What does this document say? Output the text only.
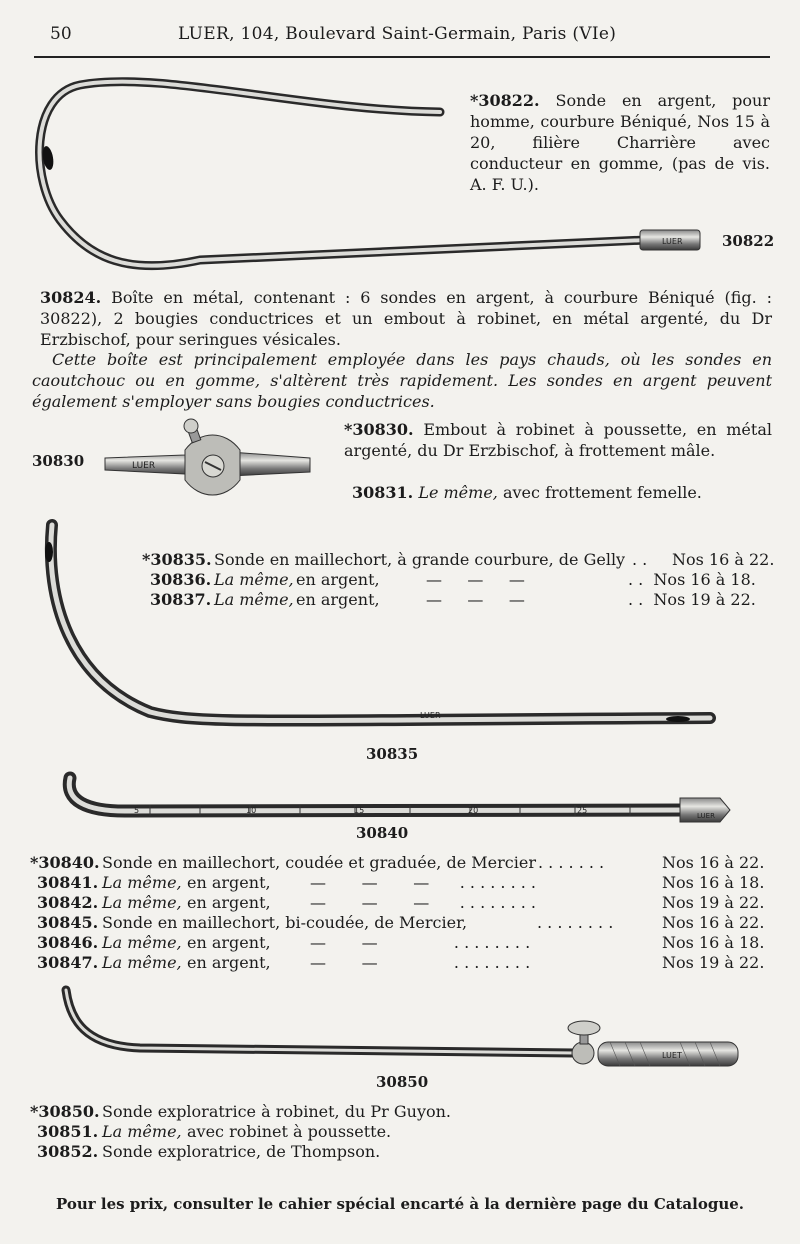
50	LUER, 104, Boulevard Saint-Germain, Paris (VIe)
LUER
LUER
LUER
LUER
5	10	15	20	25
LUET
*30822. Sonde en argent, pour homme, courbure Béniqué, Nos 15 à 20, filière Charrière avec conducteur en gomme, (pas de vis. A. F. U.).
30822
30824. Boîte en métal, contenant : 6 sondes en argent, à courbure Béniqué (fig. : 30822), 2 bougies conductrices et un embout à robinet, en métal argenté, du Dr Erzbischof, pour seringues vésicales.
Cette boîte est principalement employée dans les pays chauds, où les sondes en caoutchouc ou en gomme, s'altèrent très rapidement. Les sondes en argent peuvent également s'employer sans bougies conductrices.
30830
*30830. Embout à robinet à poussette, en métal argenté, du Dr Erzbischof, à frottement mâle.
30831. Le même, avec frottement femelle.
*30835. Sonde en maillechort, à grande courbure, de Gelly . . Nos 16 à 22.
30836. La même, en argent,	—     —     —	. .  Nos 16 à 18.
30837. La même, en argent,	—     —     —	. .  Nos 19 à 22.
30835
30840
*30840. Sonde en maillechort, coudée et graduée, de Mercier . . . . . . .	Nos 16 à 22.
30841. La même, en argent, —       —       —      . . . . . . . .	Nos 16 à 18.
30842. La même, en argent, —       —       —      . . . . . . . .	Nos 19 à 22.
30845. Sonde en maillechort, bi-coudée, de Mercier,	. . . . . . . .	Nos 16 à 22.
30846. La même, en argent, —       —               . . . . . . . .	Nos 16 à 18.
30847. La même, en argent, —       —               . . . . . . . .	Nos 19 à 22.
30850
*30850. Sonde exploratrice à robinet, du Pr Guyon.
30851. La même, avec robinet à poussette.
30852. Sonde exploratrice, de Thompson.
Pour les prix, consulter le cahier spécial encarté à la dernière page du Catalogue.
